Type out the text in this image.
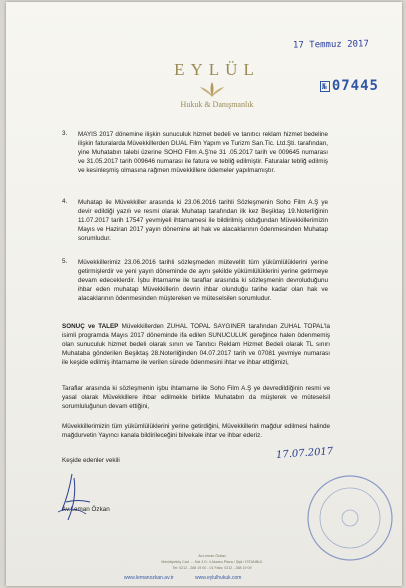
17 Temmuz 2017
EYLÜL
Hukuk & Danışmanlık
№ 07445
3. MAYIS 2017 dönemine ilişkin sunuculuk hizmet bedeli ve tanıtıcı reklam hizmet bedeline ilişkin faturalarda Müvekkillerden DUAL Film Yapım ve Turizm San.Tic. Ltd.Şti. tarafından, yine Muhatabın talebi üzerine SOHO Film A.Ş'ne 31 .05.2017 tarih ve 009645 numarası ve 31.05.2017 tarih 009646 numarası ile fatura ve tebliğ edilmiştir. Faturalar tebliğ edilmiş ve kesinleşmiş olmasına rağmen müvekkillere ödemeler yapılmamıştır.
4. Muhatap ile Müvekkiller arasında ki 23.06.2016 tarihli Sözleşmenin Soho Film A.Ş ye devir edildiği yazılı ve resmi olarak Muhatap tarafından ilk kez Beşiktaş 19.Noterliğinin 11.07.2017 tarih 17547 yevmiyeli ihtarnamesi ile bildirilmiş olduğundan Müvekkillerimizin Mayıs ve Haziran 2017 yayın dönemine ait hak ve alacaklarının ödenmesinden Muhatap sorumludur.
5. Müvekkillerimiz 23.06.2016 tarihli sözleşmeden mütevellit tüm yükümlülüklerini yerine getirmişlerdir ve yeni yayın döneminde de aynı şekilde yükümlülüklerini yerine getirmeye devam edeceklerdir. İşbu ihtarname ile taraflar arasında ki sözleşmenin devroluduğunu ihbar eden muhatap Müvekkillerin devrin ihbar olunduğu tarihe kadar olan hak ve alacaklarının ödenmesinden müştereken ve müteselsilen sorumludur.
SONUÇ ve TALEP Müvekkillerden ZUHAL TOPAL SAYGINER tarafından ZUHAL TOPAL'la isimli programda Mayıs 2017 döneminde ifa edilen SUNUCULUK gereğince halen ödenmemiş olan sunuculuk hizmet bedeli olarak sınırı ve Tanıtıcı Reklam Hizmet Bedeli olarak TL sınırı Muhataba gönderilen Beşiktaş 28.Noterliğinden 04.07.2017 tarih ve 07081 yevmiye numarası ile keşide edilmiş ihtarname ile verilen sürede ödenmesini ihtar ve ihbar ettiğimizi,
Taraflar arasında ki sözleşmenin işbu ihtarname ile Soho Film A.Ş ye devredildiğinin resmi ve yasal olarak Müvekkillere ihbar edilmekle birlikte Muhatabın da müşterek ve müteselsil sorumluluğunun devam ettiğini,
Müvekkillerimizin tüm yükümlülüklerini yerine getirdiğini, Müvekkillerin mağdur edilmesi halinde mağdurvetin Yayıncı kanala bildirileceğini bilvekale ihtar ve ihbar ederiz.
17.07.2017
Keşide edenler vekili
Av.Leman Özkan
Av.Leman Özkan
Mecidiyeköy Cad. ... Kat 4 D: 4 Akarsu Plaza / Şişli / İSTANBUL
Tel: 0212 - 288 19 00 - 01 Faks: 0212 - 288 19 09
www.lemanozkan.av.tr	www.eylulhukuk.com
